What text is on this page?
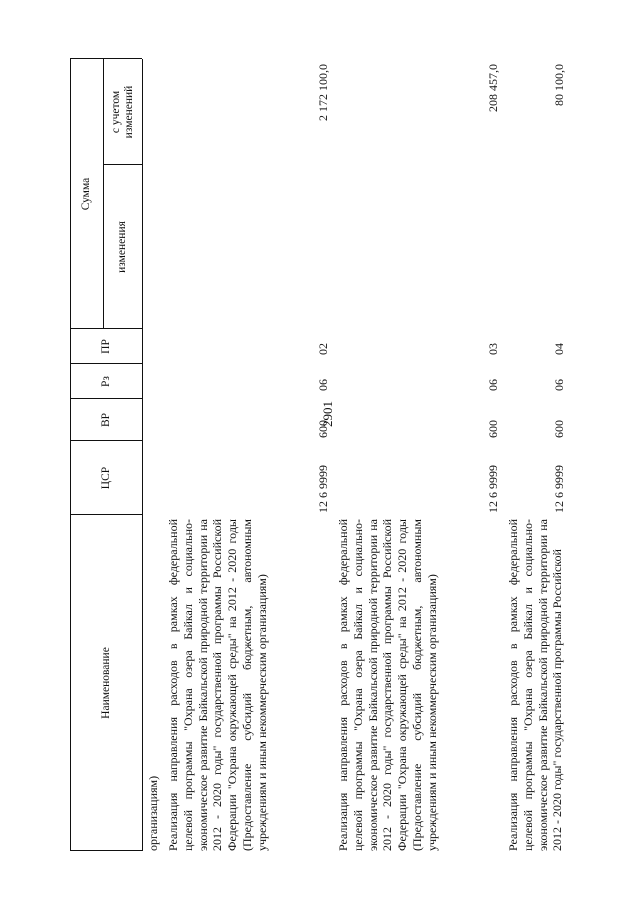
2901
Наименование
ЦСР
ВР
Рз
ПР
Сумма
изменения
с учетом изменений
организациям) Реализация направления расходов в рамках федеральной целевой программы "Охрана озера Байкал и социально-экономическое развитие Байкальской природной территории на 2012 - 2020 годы" государственной программы Российской Федерации "Охрана окружающей среды" на 2012 - 2020 годы (Предоставление субсидий бюджетным, автономным учреждениям и иным некоммерческим организациям)
12 6 9999
600
06
02
2 172 100,0
Реализация направления расходов в рамках федеральной целевой программы "Охрана озера Байкал и социально-экономическое развитие Байкальской природной территории на 2012 - 2020 годы" государственной программы Российской Федерации "Охрана окружающей среды" на 2012 - 2020 годы (Предоставление субсидий бюджетным, автономным учреждениям и иным некоммерческим организациям)
12 6 9999
600
06
03
208 457,0
Реализация направления расходов в рамках федеральной целевой программы "Охрана озера Байкал и социально-экономическое развитие Байкальской природной территории на 2012 - 2020 годы" государственной программы Российской
12 6 9999
600
06
04
80 100,0
